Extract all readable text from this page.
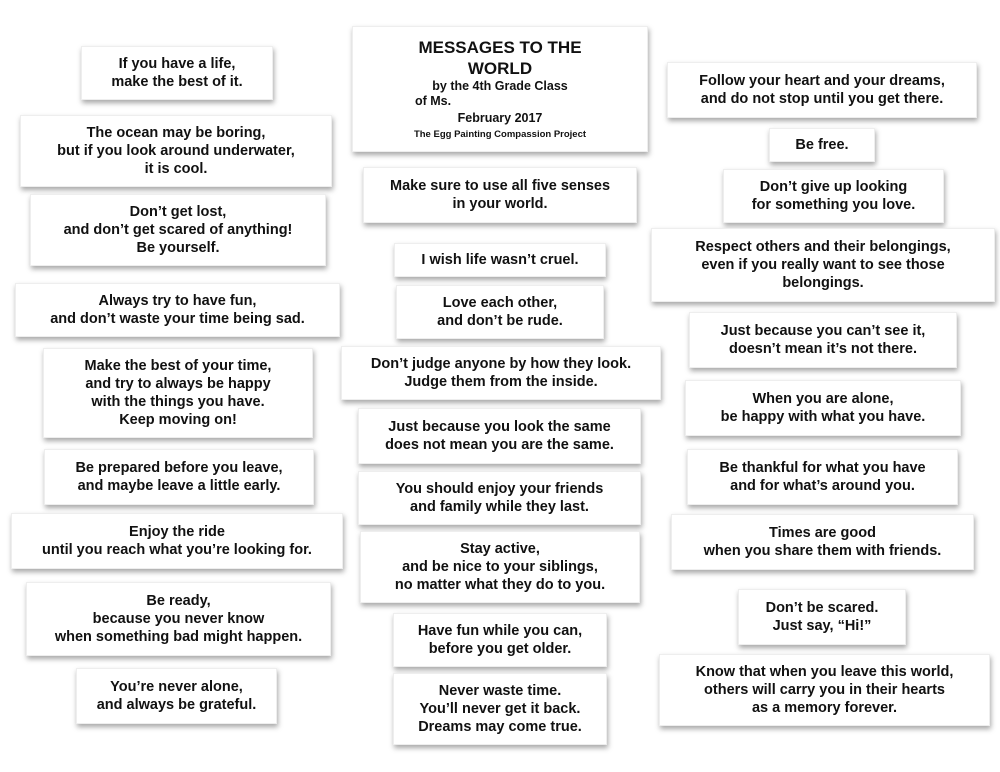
MESSAGES TO THE WORLD
by the 4th Grade Class
of Ms.
February 2017
The Egg Painting Compassion Project
If you have a life,
make the best of it.
The ocean may be boring,
but if you look around underwater,
it is cool.
Don’t get lost,
and don’t get scared of anything!
Be yourself.
Always try to have fun,
and don’t waste your time being sad.
Make the best of your time,
and try to always be happy
with the things you have.
Keep moving on!
Be prepared before you leave,
and maybe leave a little early.
Enjoy the ride
until you reach what you’re looking for.
Be ready,
because you never know
when something bad might happen.
You’re never alone,
and always be grateful.
Make sure to use all five senses
in your world.
I wish life wasn’t cruel.
Love each other,
and don’t be rude.
Don’t judge anyone by how they look.
Judge them from the inside.
Just because you look the same
does not mean you are the same.
You should enjoy your friends
and family while they last.
Stay active,
and be nice to your siblings,
no matter what they do to you.
Have fun while you can,
before you get older.
Never waste time.
You’ll never get it back.
Dreams may come true.
Follow your heart and your dreams,
and do not stop until you get there.
Be free.
Don’t give up looking
for something you love.
Respect others and their belongings,
even if you really want to see those
belongings.
Just because you can’t see it,
doesn’t mean it’s not there.
When you are alone,
be happy with what you have.
Be thankful for what you have
and for what’s around you.
Times are good
when you share them with friends.
Don’t be scared.
Just say, “Hi!”
Know that when you leave this world,
others will carry you in their hearts
as a memory forever.
